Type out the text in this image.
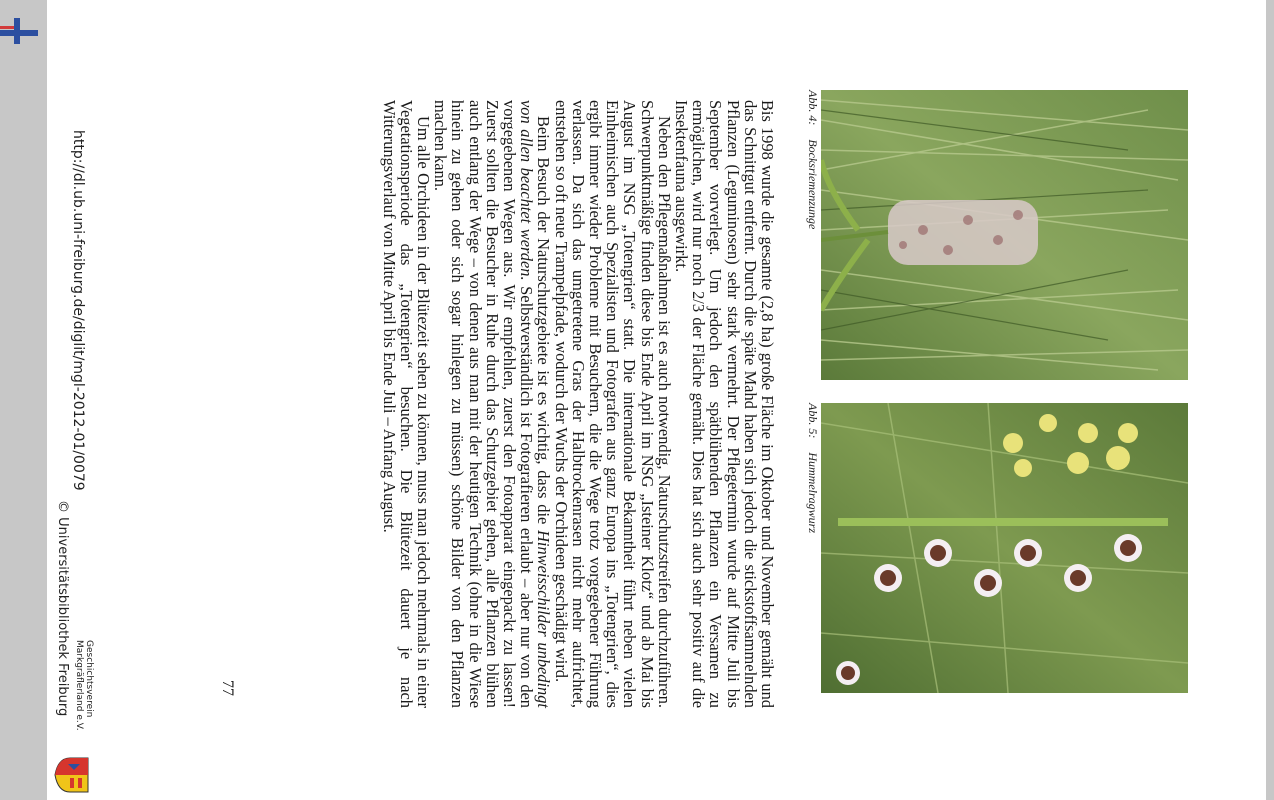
http://dl.ub.uni-freiburg.de/diglit/mgl-2012-01/0079
© Universitätsbibliothek Freiburg	Geschichtsverein Markgräflerland e.V.
Abb. 4:Bocksriemenzunge
Abb. 5:Hummelragwurz

Bis 1998 wurde die gesamte (2,8 ha) große Fläche im Oktober und November gemäht und das Schnittgut entfernt. Durch die späte Mahd haben sich jedoch die stickstoffsammelnden Pflanzen (Leguminosen) sehr stark vermehrt. Der Pflegetermin wurde auf Mitte Juli bis September vorverlegt. Um jedoch den spätblühenden Pflanzen ein Versamen zu ermöglichen, wird nur noch 2/3 der Fläche gemäht. Dies hat sich auch sehr positiv auf die Insektenfauna ausgewirkt.

Neben den Pflegemaßnahmen ist es auch notwendig, Naturschutzstreifen durchzuführen. Schwerpunktmäßige finden diese bis Ende April im NSG „Isteiner Klotz“ und ab Mai bis August im NSG „Totengrien“ statt. Die internationale Bekanntheit führt neben vielen Einheimischen auch Spezialisten und Fotografen aus ganz Europa ins „Totengrien“, dies ergibt immer wieder Probleme mit Besuchern, die die Wege trotz vorgegebener Führung verlassen. Da sich das umgetretene Gras der Halbtrockenrasen nicht mehr aufrichtet, entstehen so oft neue Trampelpfade, wodurch der Wuchs der Orchideen geschädigt wird.

Beim Besuch der Naturschutzgebiete ist es wichtig, dass die Hinweisschilder unbedingt von allen beachtet werden. Selbstverständlich ist Fotografieren erlaubt – aber nur von den vorgegebenen Wegen aus. Wir empfehlen, zuerst den Fotoapparat eingepackt zu lassen! Zuerst sollten die Besucher in Ruhe durch das Schutzgebiet gehen, alle Pflanzen blühen auch entlang der Wege – von denen aus man mit der heutigen Technik (ohne in die Wiese hinein zu gehen oder sich sogar hinlegen zu müssen) schöne Bilder von den Pflanzen machen kann.

Um alle Orchideen in der Blütezeit sehen zu können, muss man jedoch mehrmals in einer Vegetationsperiode das „Totengrien“ besuchen. Die Blütezeit dauert je nach Witterungsverlauf von Mitte April bis Ende Juli – Anfang August.

77
